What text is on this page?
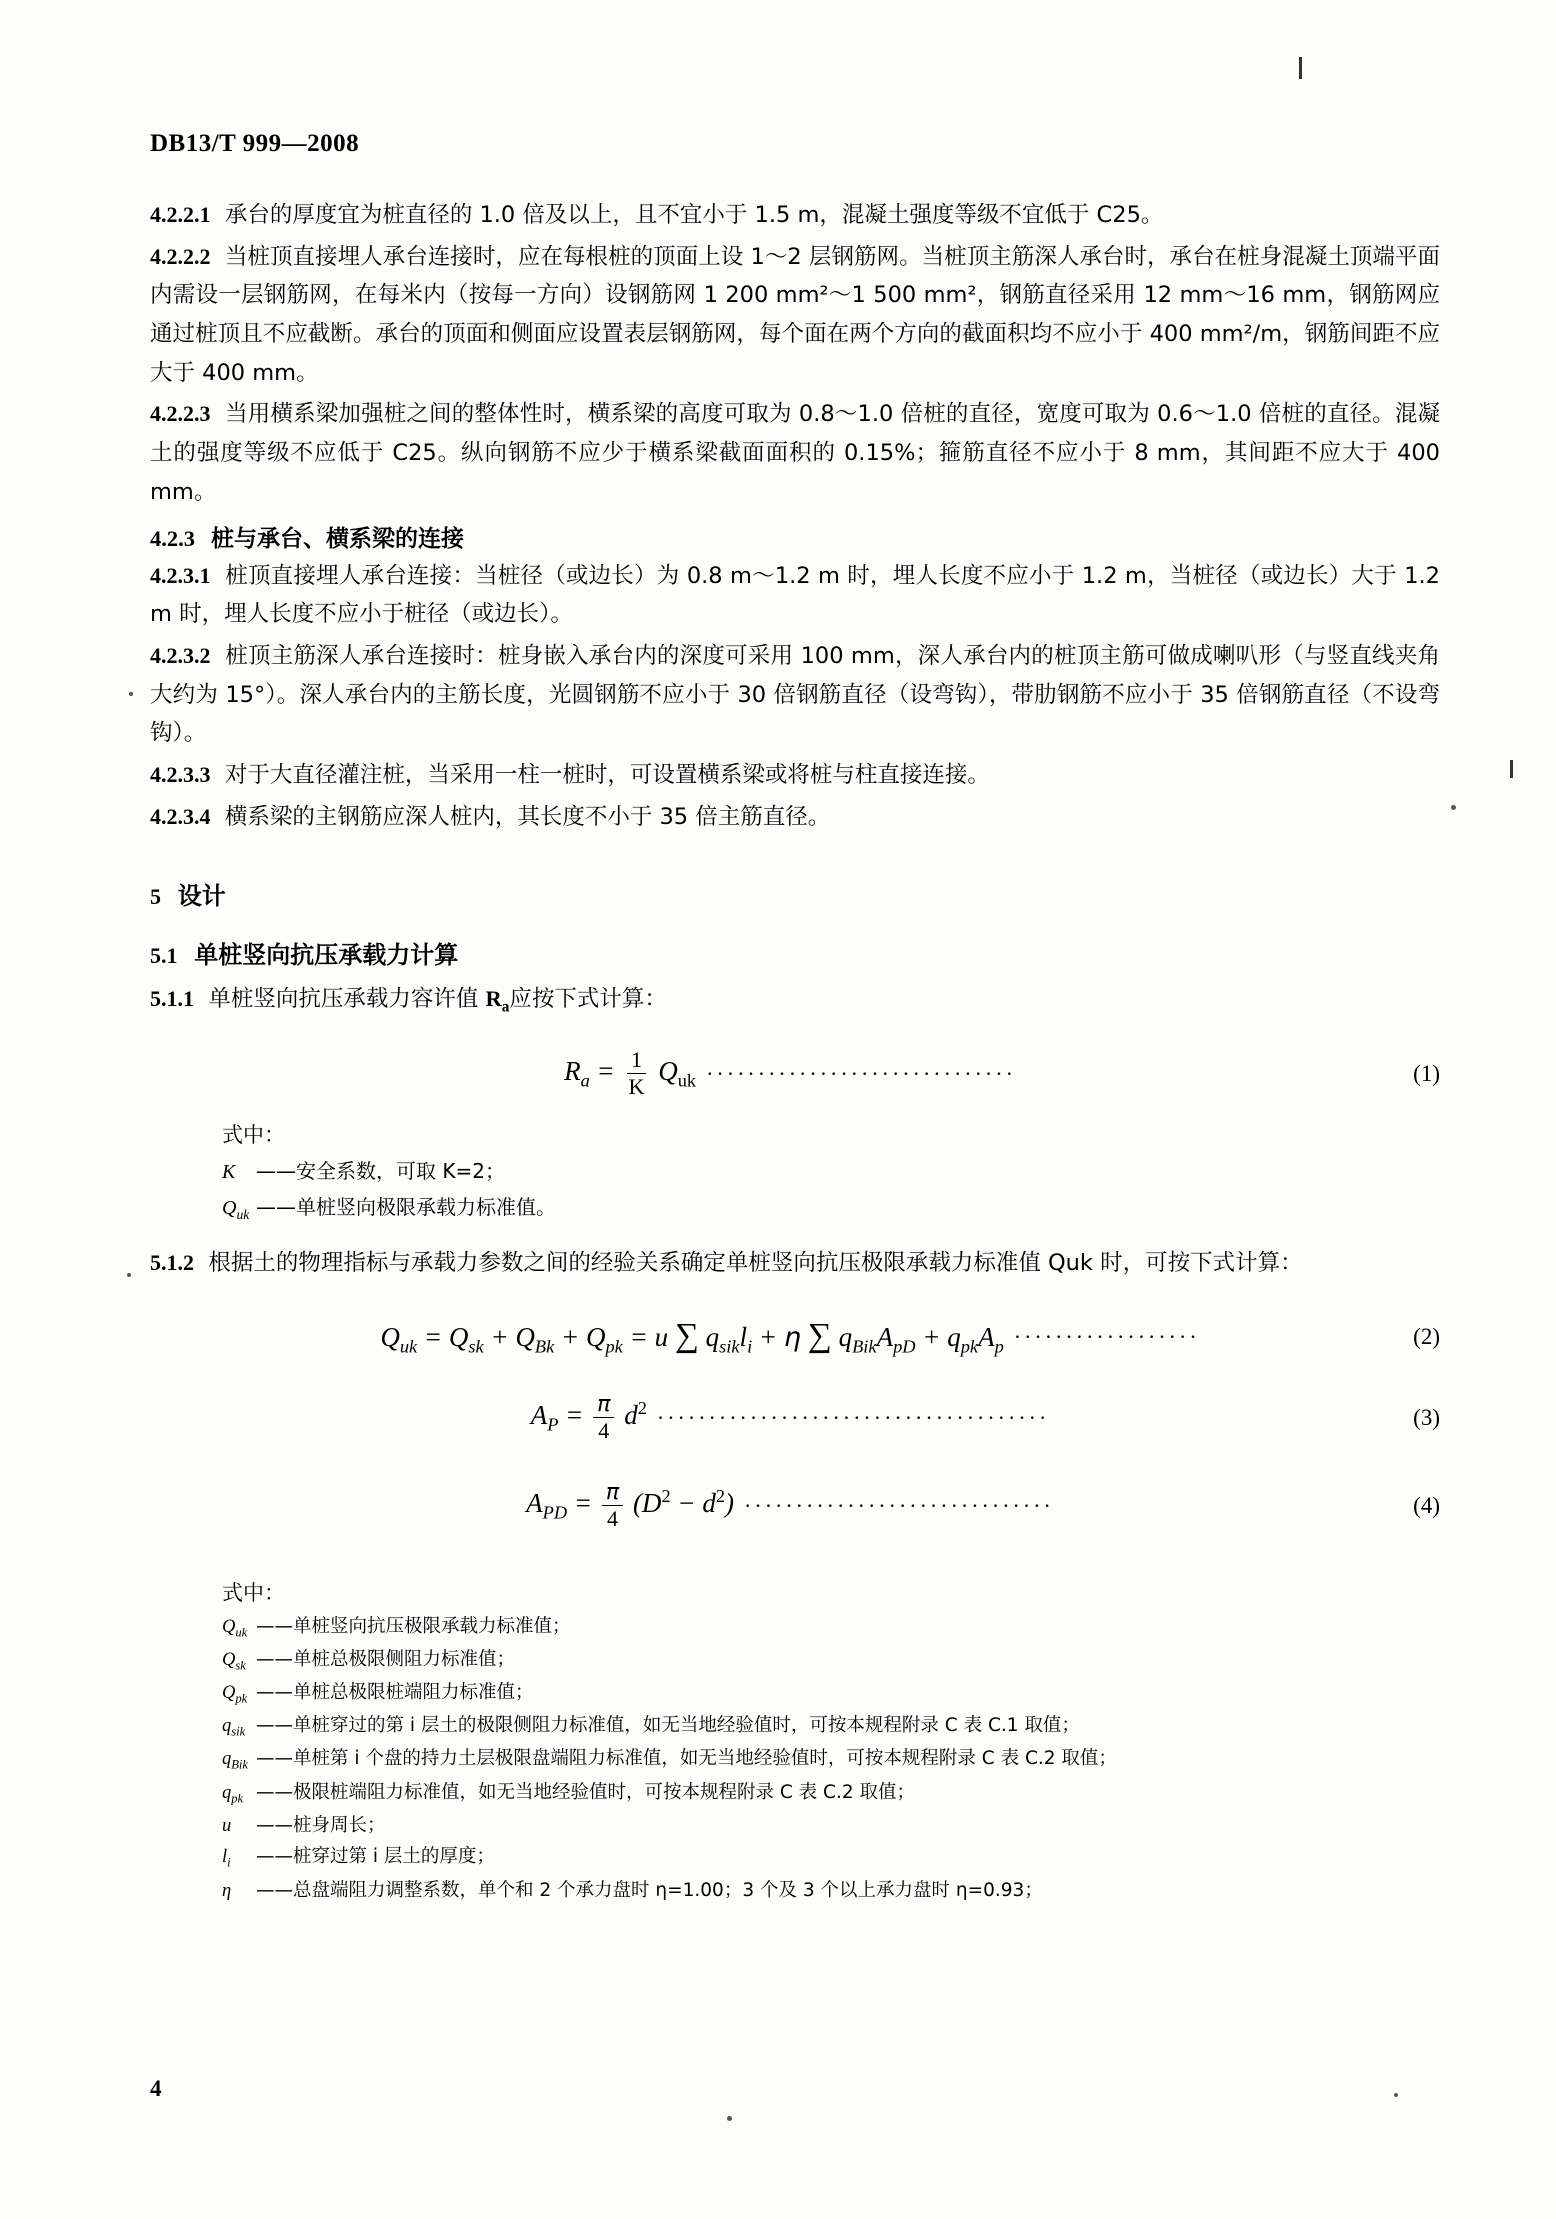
DB13/T 999—2008

4.2.2.1 承台的厚度宜为桩直径的 1.0 倍及以上，且不宜小于 1.5 m，混凝土强度等级不宜低于 C25。

4.2.2.2 当桩顶直接埋人承台连接时，应在每根桩的顶面上设 1～2 层钢筋网。当桩顶主筋深人承台时，承台在桩身混凝土顶端平面内需设一层钢筋网，在每米内（按每一方向）设钢筋网 1 200 mm²～1 500 mm²，钢筋直径采用 12 mm～16 mm，钢筋网应通过桩顶且不应截断。承台的顶面和侧面应设置表层钢筋网，每个面在两个方向的截面积均不应小于 400 mm²/m，钢筋间距不应大于 400 mm。

4.2.2.3 当用横系梁加强桩之间的整体性时，横系梁的高度可取为 0.8～1.0 倍桩的直径，宽度可取为 0.6～1.0 倍桩的直径。混凝土的强度等级不应低于 C25。纵向钢筋不应少于横系梁截面面积的 0.15%；箍筋直径不应小于 8 mm，其间距不应大于 400 mm。

4.2.3 桩与承台、横系梁的连接

4.2.3.1 桩顶直接埋人承台连接：当桩径（或边长）为 0.8 m～1.2 m 时，埋人长度不应小于 1.2 m，当桩径（或边长）大于 1.2 m 时，埋人长度不应小于桩径（或边长）。

4.2.3.2 桩顶主筋深人承台连接时：桩身嵌入承台内的深度可采用 100 mm，深人承台内的桩顶主筋可做成喇叭形（与竖直线夹角大约为 15°）。深人承台内的主筋长度，光圆钢筋不应小于 30 倍钢筋直径（设弯钩），带肋钢筋不应小于 35 倍钢筋直径（不设弯钩）。

4.2.3.3 对于大直径灌注桩，当采用一柱一桩时，可设置横系梁或将桩与柱直接连接。

4.2.3.4 横系梁的主钢筋应深人桩内，其长度不小于 35 倍主筋直径。

5 设计
5.1 单桩竖向抗压承载力计算

5.1.1 单桩竖向抗压承载力容许值 $R_a$应按下式计算：

$R_a = \frac{1}{K} Q_{uk}$ ······························	(1)
式中：
K ——安全系数，可取 K=2；
$Q_{uk}$ ——单桩竖向极限承载力标准值。

5.1.2 根据土的物理指标与承载力参数之间的经验关系确定单桩竖向抗压极限承载力标准值 Quk 时，可按下式计算：

$Q_{uk} = Q_{sk} + Q_{Bk} + Q_{pk} = u$ ∑ $q_{sik}l_i + \eta$ ∑ $q_{Bik}A_{pD} + q_{pk}A_p$ ··················	(2)
$A_P = \frac{\pi}{4} d^2$ ······································	(3)
$A_{PD} = \frac{\pi}{4} (D^2 - d^2)$ ······························	(4)
式中：
$Q_{uk}$ ——单桩竖向抗压极限承载力标准值；
$Q_{sk}$ ——单桩总极限侧阻力标准值；
$Q_{pk}$ ——单桩总极限桩端阻力标准值；
$q_{sik}$ ——单桩穿过的第 i 层土的极限侧阻力标准值，如无当地经验值时，可按本规程附录 C 表 C.1 取值；
$q_{Bik}$ ——单桩第 i 个盘的持力土层极限盘端阻力标准值，如无当地经验值时，可按本规程附录 C 表 C.2 取值；
$q_{pk}$ ——极限桩端阻力标准值，如无当地经验值时，可按本规程附录 C 表 C.2 取值；
u ——桩身周长；
$l_i$ ——桩穿过第 i 层土的厚度；
η ——总盘端阻力调整系数，单个和 2 个承力盘时 η=1.00；3 个及 3 个以上承力盘时 η=0.93；
4
